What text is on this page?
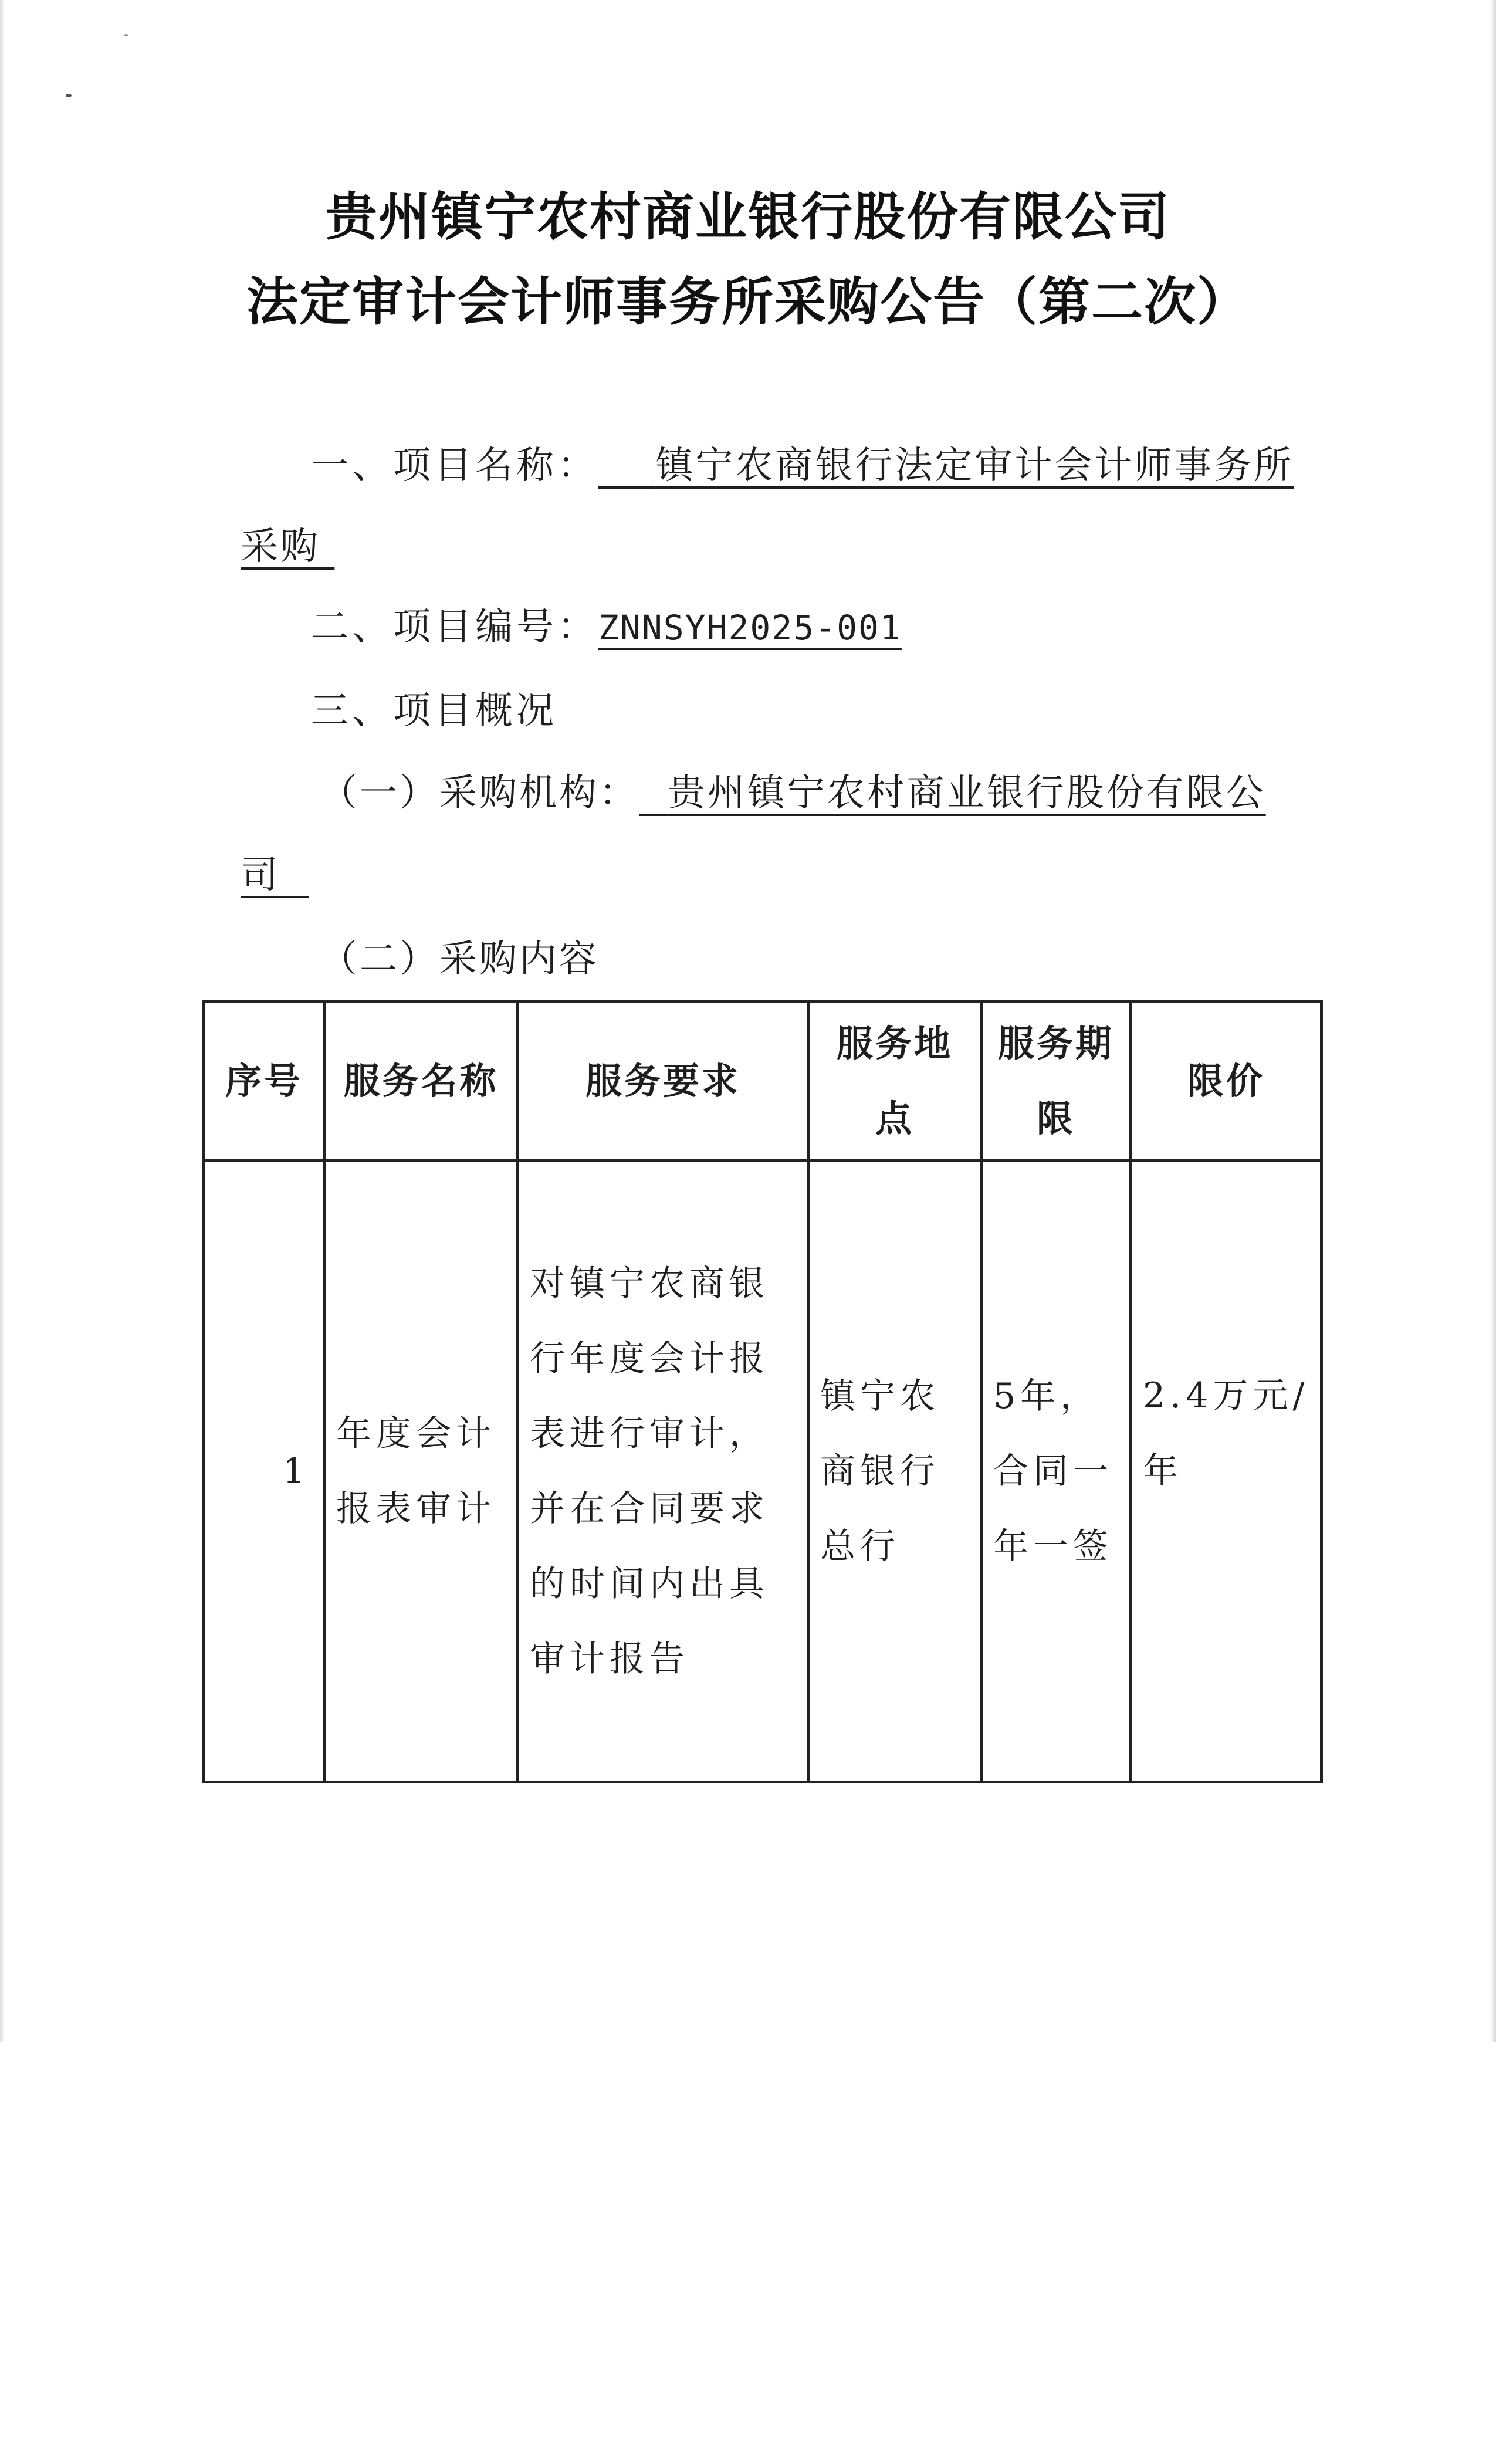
贵州镇宁农村商业银行股份有限公司
法定审计会计师事务所采购公告（第二次）
一、项目名称： 镇宁农商银行法定审计会计师事务所
采购
二、项目编号：ZNNSYH2025-001
三、项目概况
（一）采购机构： 贵州镇宁农村商业银行股份有限公
司
（二）采购内容
序号	服务名称	服务要求	服务地点	服务期限	限价
1	年度会计报表审计	对镇宁农商银行年度会计报表进行审计，并在合同要求的时间内出具审计报告	镇宁农商银行总行	5年，合同一年一签	2.4万元/年
